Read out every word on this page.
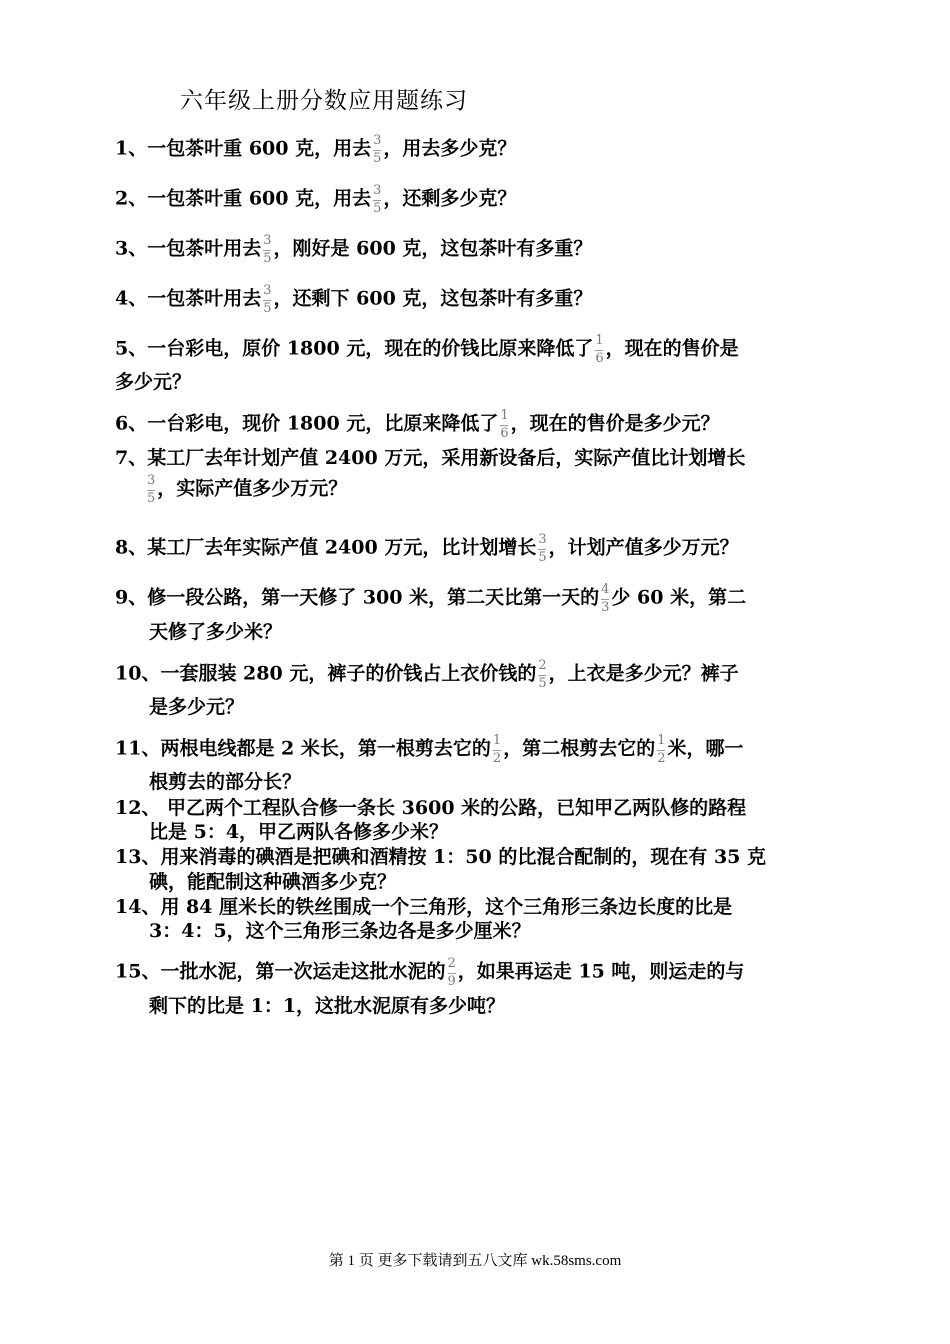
六年级上册分数应用题练习
1、一包茶叶重 600 克，用去 $\frac{3}{5}$ ，用去多少克？
2、一包茶叶重 600 克，用去 $\frac{3}{5}$ ，还剩多少克？
3、一包茶叶用去 $\frac{3}{5}$ ，刚好是 600 克，这包茶叶有多重？
4、一包茶叶用去 $\frac{3}{5}$ ，还剩下 600 克，这包茶叶有多重？
5、一台彩电，原价 1800 元，现在的价钱比原来降低了 $\frac{1}{6}$ ，现在的售价是
多少元？
6、一台彩电，现价 1800 元，比原来降低了 $\frac{1}{6}$ ，现在的售价是多少元？
7、某工厂去年计划产值 2400 万元，采用新设备后，实际产值比计划增长
$\frac{3}{5}$ ，实际产值多少万元？
8、某工厂去年实际产值 2400 万元，比计划增长 $\frac{3}{5}$ ，计划产值多少万元？
9、修一段公路，第一天修了 300 米，第二天比第一天的 $\frac{4}{3}$ 少 60 米，第二
天修了多少米？
10、一套服装 280 元，裤子的价钱占上衣价钱的 $\frac{2}{5}$ ，上衣是多少元？裤子
是多少元？
11、两根电线都是 2 米长，第一根剪去它的 $\frac{1}{2}$ ，第二根剪去它的 $\frac{1}{2}$ 米，哪一
根剪去的部分长？
12、 甲乙两个工程队合修一条长 3600 米的公路，已知甲乙两队修的路程
比是 5：4，甲乙两队各修多少米？
13、用来消毒的碘酒是把碘和酒精按 1：50 的比混合配制的，现在有 35 克
碘，能配制这种碘酒多少克？
14、用 84 厘米长的铁丝围成一个三角形，这个三角形三条边长度的比是
3：4：5，这个三角形三条边各是多少厘米？
15、一批水泥，第一次运走这批水泥的 $\frac{2}{9}$ ，如果再运走 15 吨，则运走的与
剩下的比是 1：1，这批水泥原有多少吨？
第 1 页 更多下载请到五八文库 wk.58sms.com
